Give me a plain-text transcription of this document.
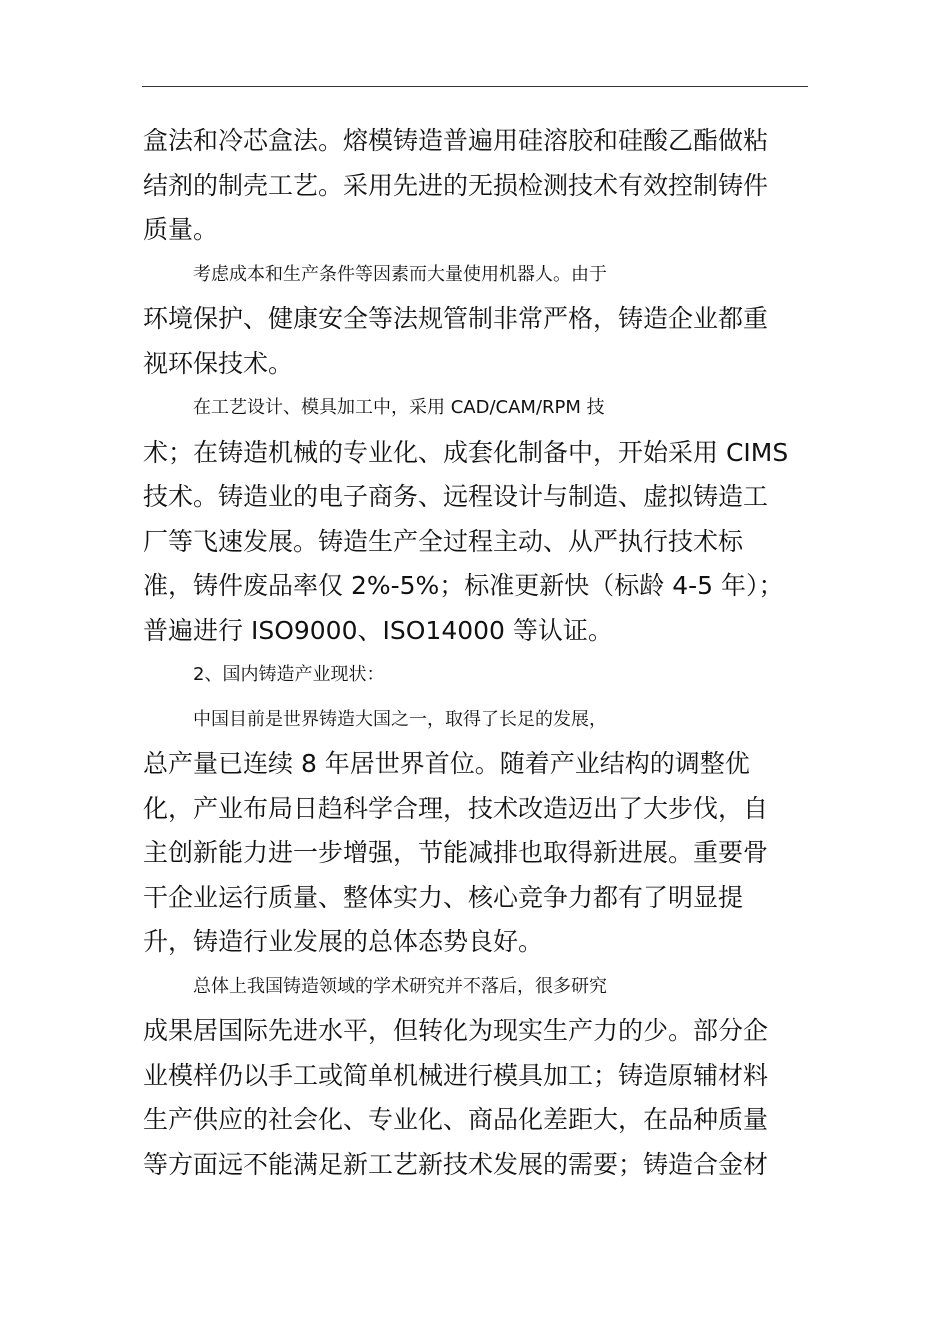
盒法和冷芯盒法。熔模铸造普遍用硅溶胶和硅酸乙酯做粘
结剂的制壳工艺。采用先进的无损检测技术有效控制铸件
质量。
考虑成本和生产条件等因素而大量使用机器人。由于
环境保护、健康安全等法规管制非常严格，铸造企业都重
视环保技术。
在工艺设计、模具加工中，采用 CAD/CAM/RPM 技
术；在铸造机械的专业化、成套化制备中，开始采用 CIMS
技术。铸造业的电子商务、远程设计与制造、虚拟铸造工
厂等飞速发展。铸造生产全过程主动、从严执行技术标
准，铸件废品率仅 2%-5%；标准更新快（标龄 4-5 年）；
普遍进行 ISO9000、ISO14000 等认证。
2、国内铸造产业现状：
中国目前是世界铸造大国之一，取得了长足的发展，
总产量已连续 8 年居世界首位。随着产业结构的调整优
化，产业布局日趋科学合理，技术改造迈出了大步伐，自
主创新能力进一步增强，节能减排也取得新进展。重要骨
干企业运行质量、整体实力、核心竞争力都有了明显提
升，铸造行业发展的总体态势良好。
总体上我国铸造领域的学术研究并不落后，很多研究
成果居国际先进水平，但转化为现实生产力的少。部分企
业模样仍以手工或简单机械进行模具加工；铸造原辅材料
生产供应的社会化、专业化、商品化差距大，在品种质量
等方面远不能满足新工艺新技术发展的需要；铸造合金材
